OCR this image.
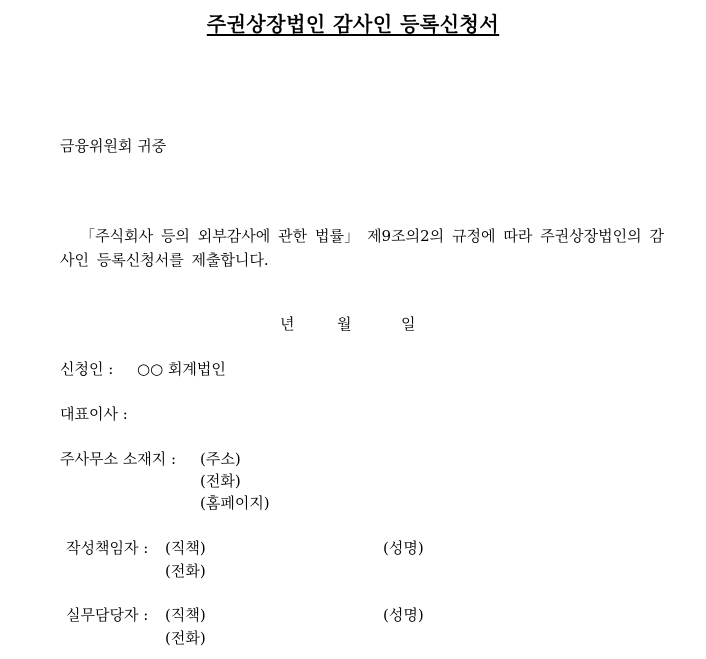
주권상장법인 감사인 등록신청서
금융위원회 귀중
「주식회사 등의 외부감사에 관한 법률」 제9조의2의 규정에 따라 주권상장법인의 감사인 등록신청서를 제출합니다.
년	월	일
신청인 : ○○ 회계법인
대표이사 :
주사무소 소재지 : (주소)
(전화)
(홈페이지)
작성책임자 : (직책)	(성명)
(전화)
실무담당자 : (직책)	(성명)
(전화)
